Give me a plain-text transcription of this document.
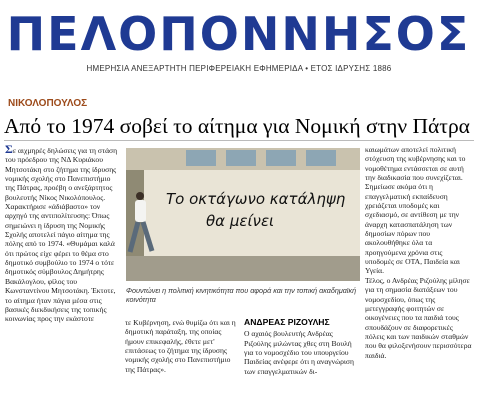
ΠΕΛΟΠΟΝΝΗΣΟΣ
ΗΜΕΡΗΣΙΑ ΑΝΕΞΑΡΤΗΤΗ ΠΕΡΙΦΕΡΕΙΑΚΗ ΕΦΗΜΕΡΙΔΑ • ΕΤΟΣ ΙΔΡΥΣΗΣ 1886
ΝΙΚΟΛΟΠΟΥΛΟΣ
Από το 1974 σοβεί το αίτημα για Νομική στην Πάτρα

Σε αιχμηρές δηλώσεις για τη στάση του πρόεδρου της ΝΔ Κυριάκου Μητσοτάκη στο ζήτημα της ίδρυσης νομικής σχολής στο Πανεπιστήμιο της Πάτρας, προέβη ο ανεξάρτητος βουλευτής Νίκος Νικολόπουλος.

Χαρακτήρισε «άδιάβαστο» τον αρχηγό της αντιπολίτευσης: Όπως σημειώνει η ίδρυση της Νομικής Σχολής αποτελεί πάγιο αίτημα της πόλης από το 1974. «Θυμάμαι καλά ότι πρώτος είχε φέρει το θέμα στο δημοτικό συμβούλιο το 1974 ο τότε δημοτικός σύμβουλος Δημήτρης Βακάλογλου, φίλος του Κωνσταντίνου Μητσοτάκη. Έκτοτε, το αίτημα ήταν πάγια μέσα στις βασικές διεκδικήσεις της τοπικής κοινωνίας προς την εκάστοτε

Το οκτάγωνο κατάληψη
θα μείνει
Φουντώνει η πολιτική κινητικότητα που αφορά και την τοπική ακαδημαϊκή κοινότητα

τε Κυβέρνηση, ενώ θυμίζω ότι και η δημοτική παράταξη, της οποίας ήμουν επικεφαλής, έθετε μετ' επιτάσεως το ζήτημα της ίδρυσης νομικής σχολής στο Πανεπιστήμιο της Πάτρας».

ΑΝΔΡΕΑΣ ΡΙΖΟΥΛΗΣ

Ο αχαιός βουλευτής Ανδρέας Ριζούλης μιλώντας χθες στη Βουλή για το νομοσχέδιο του υπουργείου Παιδείας ανέφερε ότι η αναγνώριση των επαγγελματικών δι-

καιωμάτων αποτελεί πολιτική στόχευση της κυβέρνησης και το νομοθέτημα εντάσσεται σε αυτή την διαδικασία που συνεχίζεται.

Σημείωσε ακόμα ότι η επαγγελματική εκπαίδευση χρειάζεται υποδομές και σχεδιασμό, σε αντίθεση με την άναρχη κατασπατάληση των δημοσίων πόρων που ακολουθήθηκε όλα τα προηγούμενα χρόνια στις υποδομές σε ΟΤΑ, Παιδεία και Υγεία.

Τέλος, ο Ανδρέας Ριζούλης μίλησε για τη σημασία διατάξεων του νομοσχεδίου, όπως της μετεγγραφής φοιτητών σε οικογένειες που τα παιδιά τους σπουδάζουν σε διαφορετικές πόλεις και των παιδικών σταθμών που θα φιλοξενήσουν περισσότερα παιδιά.
